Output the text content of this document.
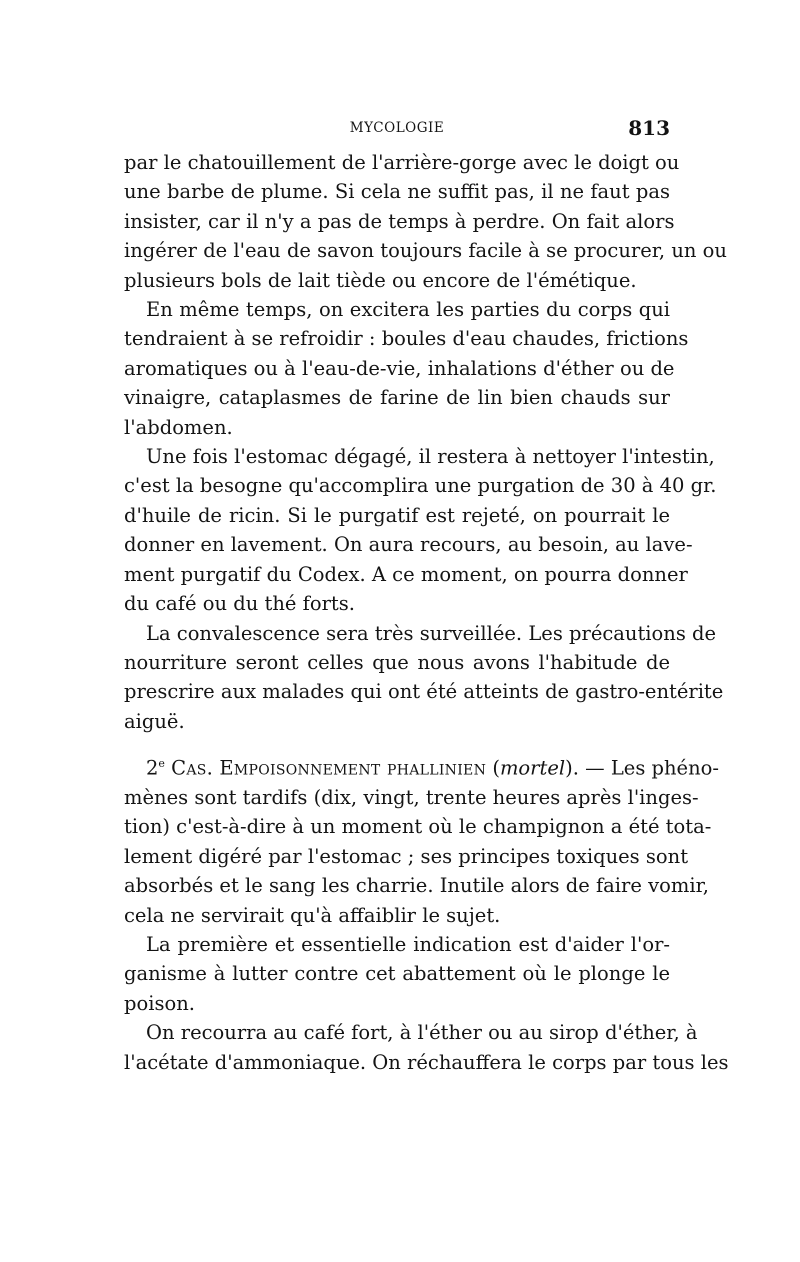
MYCOLOGIE	813

par le chatouillement de l'arrière-gorge avec le doigt ou
une barbe de plume. Si cela ne suffit pas, il ne faut pas
insister, car il n'y a pas de temps à perdre. On fait alors
ingérer de l'eau de savon toujours facile à se procurer, un ou
plusieurs bols de lait tiède ou encore de l'émétique.

En même temps, on excitera les parties du corps qui
tendraient à se refroidir : boules d'eau chaudes, frictions
aromatiques ou à l'eau-de-vie, inhalations d'éther ou de
vinaigre, cataplasmes de farine de lin bien chauds sur
l'abdomen.

Une fois l'estomac dégagé, il restera à nettoyer l'intestin,
c'est la besogne qu'accomplira une purgation de 30 à 40 gr.
d'huile de ricin. Si le purgatif est rejeté, on pourrait le
donner en lavement. On aura recours, au besoin, au lave-
ment purgatif du Codex. A ce moment, on pourra donner
du café ou du thé forts.

La convalescence sera très surveillée. Les précautions de
nourriture seront celles que nous avons l'habitude de
prescrire aux malades qui ont été atteints de gastro-entérite
aiguë.

2e Cas. Empoisonnement phallinien (mortel). — Les phéno-
mènes sont tardifs (dix, vingt, trente heures après l'inges-
tion) c'est-à-dire à un moment où le champignon a été tota-
lement digéré par l'estomac ; ses principes toxiques sont
absorbés et le sang les charrie. Inutile alors de faire vomir,
cela ne servirait qu'à affaiblir le sujet.

La première et essentielle indication est d'aider l'or-
ganisme à lutter contre cet abattement où le plonge le
poison.

On recourra au café fort, à l'éther ou au sirop d'éther, à
l'acétate d'ammoniaque. On réchauffera le corps par tous les
